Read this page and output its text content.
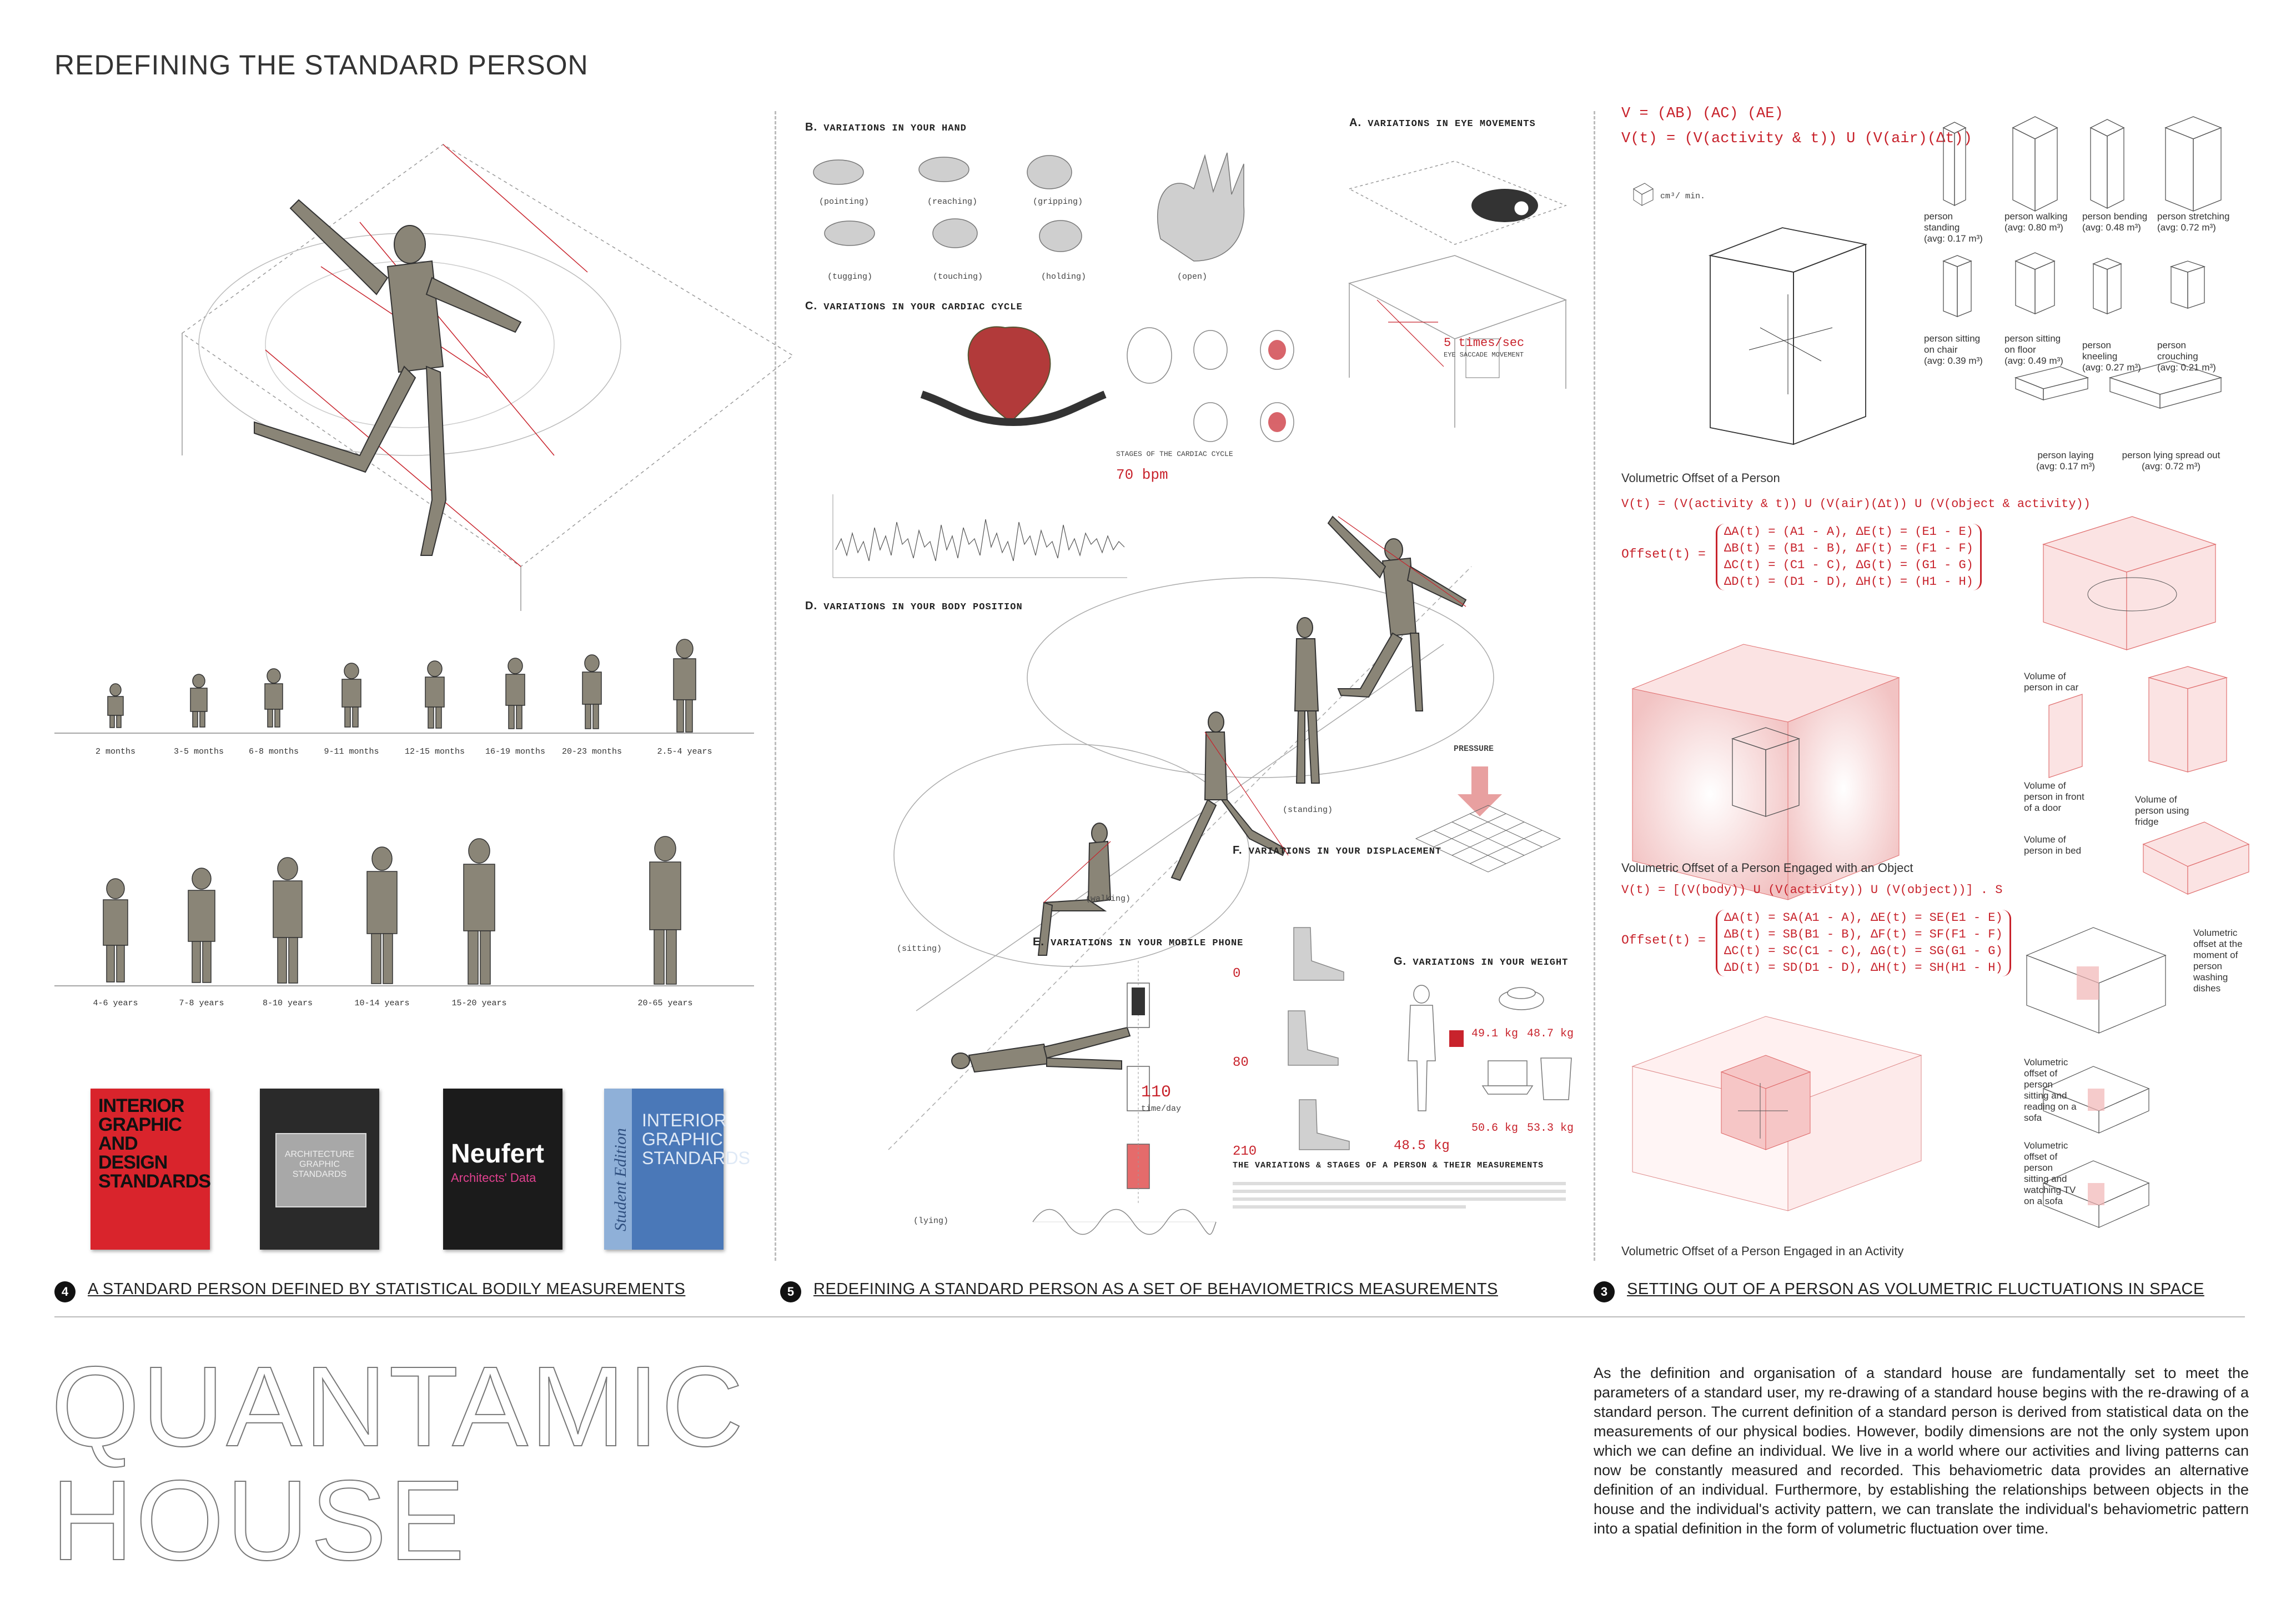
REDEFINING THE STANDARD PERSON
2 months	3-5 months	6-8 months	9-11 months	12-15 months	16-19 months	20-23 months	2.5-4 years
4-6 years	7-8 years	8-10 years	10-14 years	15-20 years	20-65 years
INTERIOR GRAPHIC AND DESIGN STANDARDS
ARCHITECTURE GRAPHIC STANDARDS
Neufert
Architects' Data
INTERIOR GRAPHIC STANDARDS
Student Edition
B. VARIATIONS IN YOUR HAND
(pointing)	(reaching)	(gripping)
(tugging)	(touching)	(holding)	(open)
A. VARIATIONS IN EYE MOVEMENTS
5 times/sec
EYE SACCADE MOVEMENT
C. VARIATIONS IN YOUR CARDIAC CYCLE
STAGES OF THE CARDIAC CYCLE
70 bpm
D. VARIATIONS IN YOUR BODY POSITION
(sitting)
(walking)
(standing)
(lying)
PRESSURE
F. VARIATIONS IN YOUR DISPLACEMENT
0
80
210
E. VARIATIONS IN YOUR MOBILE PHONE
110
time/day
G. VARIATIONS IN YOUR WEIGHT
48.5 kg
49.1 kg 48.7 kg
50.6 kg 53.3 kg
THE VARIATIONS & STAGES OF A PERSON & THEIR MEASUREMENTS
V = (AB) (AC) (AE)
V(t) = (V(activity & t)) U (V(air)(Δt))
cm³/ min.
Volumetric Offset of a Person
person standing
(avg: 0.17 m³)
person walking
(avg: 0.80 m³)
person bending
(avg: 0.48 m³)
person stretching
(avg: 0.72 m³)
person sitting on chair
(avg: 0.39 m³)
person sitting on floor
(avg: 0.49 m³)
person kneeling
(avg: 0.27 m³)
person crouching
(avg: 0.21 m³)
person laying
(avg: 0.17 m³)
person lying spread out
(avg: 0.72 m³)
V(t) = (V(activity & t)) U (V(air)(Δt)) U (V(object & activity))
Offset(t) =
ΔA(t) = (A1 - A), ΔE(t) = (E1 - E)
ΔB(t) = (B1 - B), ΔF(t) = (F1 - F)
ΔC(t) = (C1 - C), ΔG(t) = (G1 - G)
ΔD(t) = (D1 - D), ΔH(t) = (H1 - H)
Volume of person in car
Volume of person using fridge
Volume of person in front of a door
Volume of person in bed
Volumetric Offset of a Person Engaged with an Object
V(t) = [(V(body)) U (V(activity)) U (V(object))] . S
Offset(t) =
ΔA(t) = SA(A1 - A), ΔE(t) = SE(E1 - E)
ΔB(t) = SB(B1 - B), ΔF(t) = SF(F1 - F)
ΔC(t) = SC(C1 - C), ΔG(t) = SG(G1 - G)
ΔD(t) = SD(D1 - D), ΔH(t) = SH(H1 - H)
Volumetric offset at the moment of person washing dishes
Volumetric offset of person sitting and reading on a sofa
Volumetric offset of person sitting and watching TV on a sofa
Volumetric Offset of a Person Engaged in an Activity
4 A STANDARD PERSON DEFINED BY STATISTICAL BODILY MEASUREMENTS	5 REDEFINING A STANDARD PERSON AS A SET OF BEHAVIOMETRICS MEASUREMENTS	3 SETTING OUT OF A PERSON AS VOLUMETRIC FLUCTUATIONS IN SPACE
QUANTAMIC
HOUSE
As the definition and organisation of a standard house are fundamentally set to meet the parameters of a standard user, my re-drawing of a standard house begins with the re-drawing of a standard person. The current definition of a standard person is derived from statistical data on the measurements of our physical bodies. However, bodily dimensions are not the only system upon which we can define an individual. We live in a world where our activities and living patterns can now be constantly measured and recorded. This behaviometric data provides an alternative definition of an individual. Furthermore, by establishing the relationships between objects in the house and the individual's activity pattern, we can translate the individual's behaviometric pattern into a spatial definition in the form of volumetric fluctuation over time.
